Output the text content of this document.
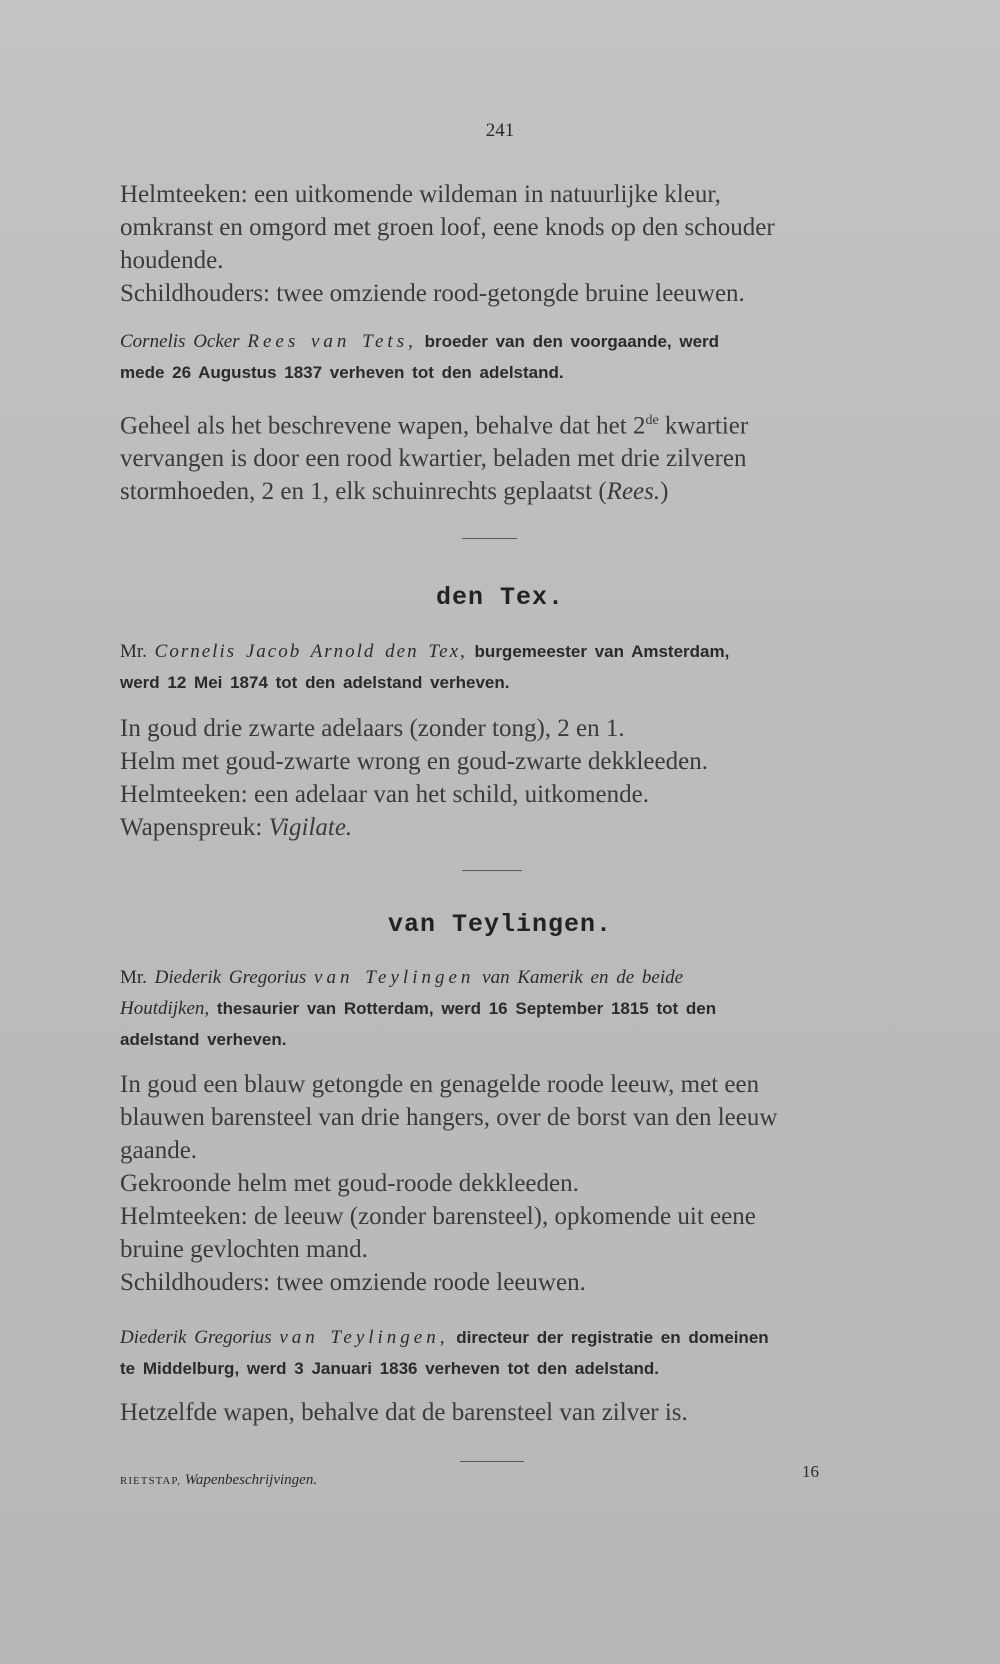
241
Helmteeken: een uitkomende wildeman in natuurlijke kleur,
omkranst en omgord met groen loof, eene knods op den schouder
houdende.
Schildhouders: twee omziende rood-getongde bruine leeuwen.
Cornelis Ocker Rees van Tets, broeder van den voorgaande, werd
mede 26 Augustus 1837 verheven tot den adelstand.
Geheel als het beschrevene wapen, behalve dat het 2de kwartier
vervangen is door een rood kwartier, beladen met drie zilveren
stormhoeden, 2 en 1, elk schuinrechts geplaatst (Rees.)
den Tex.
Mr. Cornelis Jacob Arnold den Tex, burgemeester van Amsterdam,
werd 12 Mei 1874 tot den adelstand verheven.
In goud drie zwarte adelaars (zonder tong), 2 en 1.
Helm met goud-zwarte wrong en goud-zwarte dekkleeden.
Helmteeken: een adelaar van het schild, uitkomende.
Wapenspreuk: Vigilate.
van Teylingen.
Mr. Diederik Gregorius van Teylingen van Kamerik en de beide
Houtdijken, thesaurier van Rotterdam, werd 16 September 1815 tot den
adelstand verheven.
In goud een blauw getongde en genagelde roode leeuw, met een
blauwen barensteel van drie hangers, over de borst van den leeuw
gaande.
Gekroonde helm met goud-roode dekkleeden.
Helmteeken: de leeuw (zonder barensteel), opkomende uit eene
bruine gevlochten mand.
Schildhouders: twee omziende roode leeuwen.
Diederik Gregorius van Teylingen, directeur der registratie en domeinen
te Middelburg, werd 3 Januari 1836 verheven tot den adelstand.
Hetzelfde wapen, behalve dat de barensteel van zilver is.
RIETSTAP, Wapenbeschrijvingen.	16
